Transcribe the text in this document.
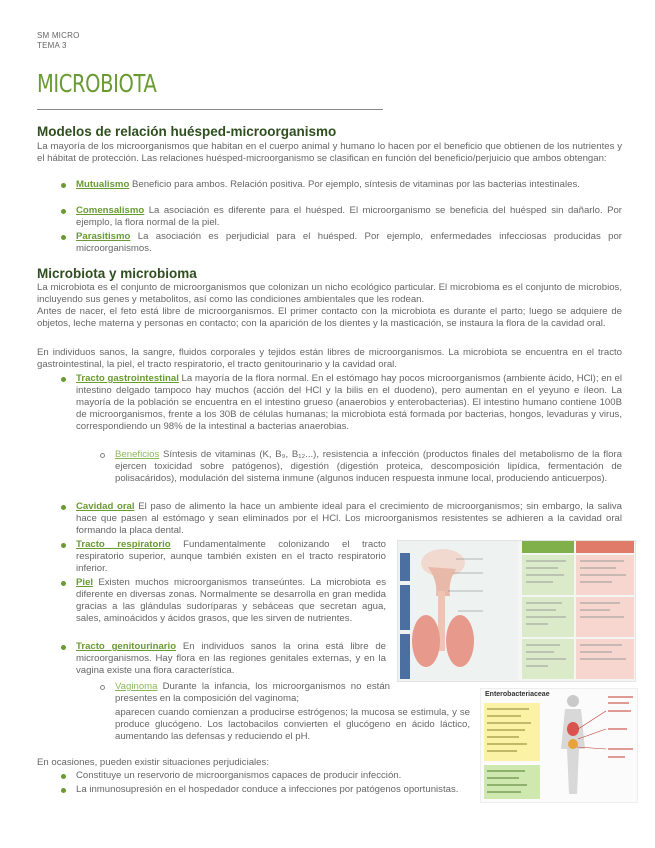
SM MICRO
TEMA 3
MICROBIOTA
Modelos de relación huésped-microorganismo
La mayoría de los microorganismos que habitan en el cuerpo animal y humano lo hacen por el beneficio que obtienen de los nutrientes y el hábitat de protección. Las relaciones huésped-microorganismo se clasifican en función del beneficio/perjuicio que ambos obtengan:
Mutualismo Beneficio para ambos. Relación positiva. Por ejemplo, síntesis de vitaminas por las bacterias intestinales.
Comensalismo La asociación es diferente para el huésped. El microorganismo se beneficia del huésped sin dañarlo. Por ejemplo, la flora normal de la piel.
Parasitismo La asociación es perjudicial para el huésped. Por ejemplo, enfermedades infecciosas producidas por microorganismos.
Microbiota y microbioma
La microbiota es el conjunto de microorganismos que colonizan un nicho ecológico particular. El microbioma es el conjunto de microbios, incluyendo sus genes y metabolitos, así como las condiciones ambientales que les rodean.
Antes de nacer, el feto está libre de microorganismos. El primer contacto con la microbiota es durante el parto; luego se adquiere de objetos, leche materna y personas en contacto; con la aparición de los dientes y la masticación, se instaura la flora de la cavidad oral.
En individuos sanos, la sangre, fluidos corporales y tejidos están libres de microorganismos. La microbiota se encuentra en el tracto gastrointestinal, la piel, el tracto respiratorio, el tracto genitourinario y la cavidad oral.
Tracto gastrointestinal La mayoría de la flora normal. En el estómago hay pocos microorganismos (ambiente ácido, HCl); en el intestino delgado tampoco hay muchos (acción del HCl y la bilis en el duodeno), pero aumentan en el yeyuno e íleon. La mayoría de la población se encuentra en el intestino grueso (anaerobios y enterobacterias). El intestino humano contiene 100B de microorganismos, frente a los 30B de células humanas; la microbiota está formada por bacterias, hongos, levaduras y virus, correspondiendo un 98% de la intestinal a bacterias anaerobias.
Beneficios Síntesis de vitaminas (K, B₉, B₁₂...), resistencia a infección (productos finales del metabolismo de la flora ejercen toxicidad sobre patógenos), digestión (digestión proteica, descomposición lipídica, fermentación de polisacáridos), modulación del sistema inmune (algunos inducen respuesta inmune local, produciendo anticuerpos).
Cavidad oral El paso de alimento la hace un ambiente ideal para el crecimiento de microorganismos; sin embargo, la saliva hace que pasen al estómago y sean eliminados por el HCl. Los microorganismos resistentes se adhieren a la cavidad oral formando la placa dental.
Tracto respiratorio Fundamentalmente colonizando el tracto respiratorio superior, aunque también existen en el tracto respiratorio inferior.
Piel Existen muchos microorganismos transeúntes. La microbiota es diferente en diversas zonas. Normalmente se desarrolla en gran medida gracias a las glándulas sudoríparas y sebáceas que secretan agua, sales, aminoácidos y ácidos grasos, que les sirven de nutrientes.
Tracto genitourinario En individuos sanos la orina está libre de microorganismos. Hay flora en las regiones genitales externas, y en la vagina existe una flora característica.
Vaginoma Durante la infancia, los microorganismos no están presentes en la composición del vaginoma;
aparecen cuando comienzan a producirse estrógenos; la mucosa se estimula, y se produce glucógeno. Los lactobacilos convierten el glucógeno en ácido láctico, aumentando las defensas y reduciendo el pH.
En ocasiones, pueden existir situaciones perjudiciales:
Constituye un reservorio de microorganismos capaces de producir infección.
La inmunosupresión en el hospedador conduce a infecciones por patógenos oportunistas.
Enterobacteriaceae
